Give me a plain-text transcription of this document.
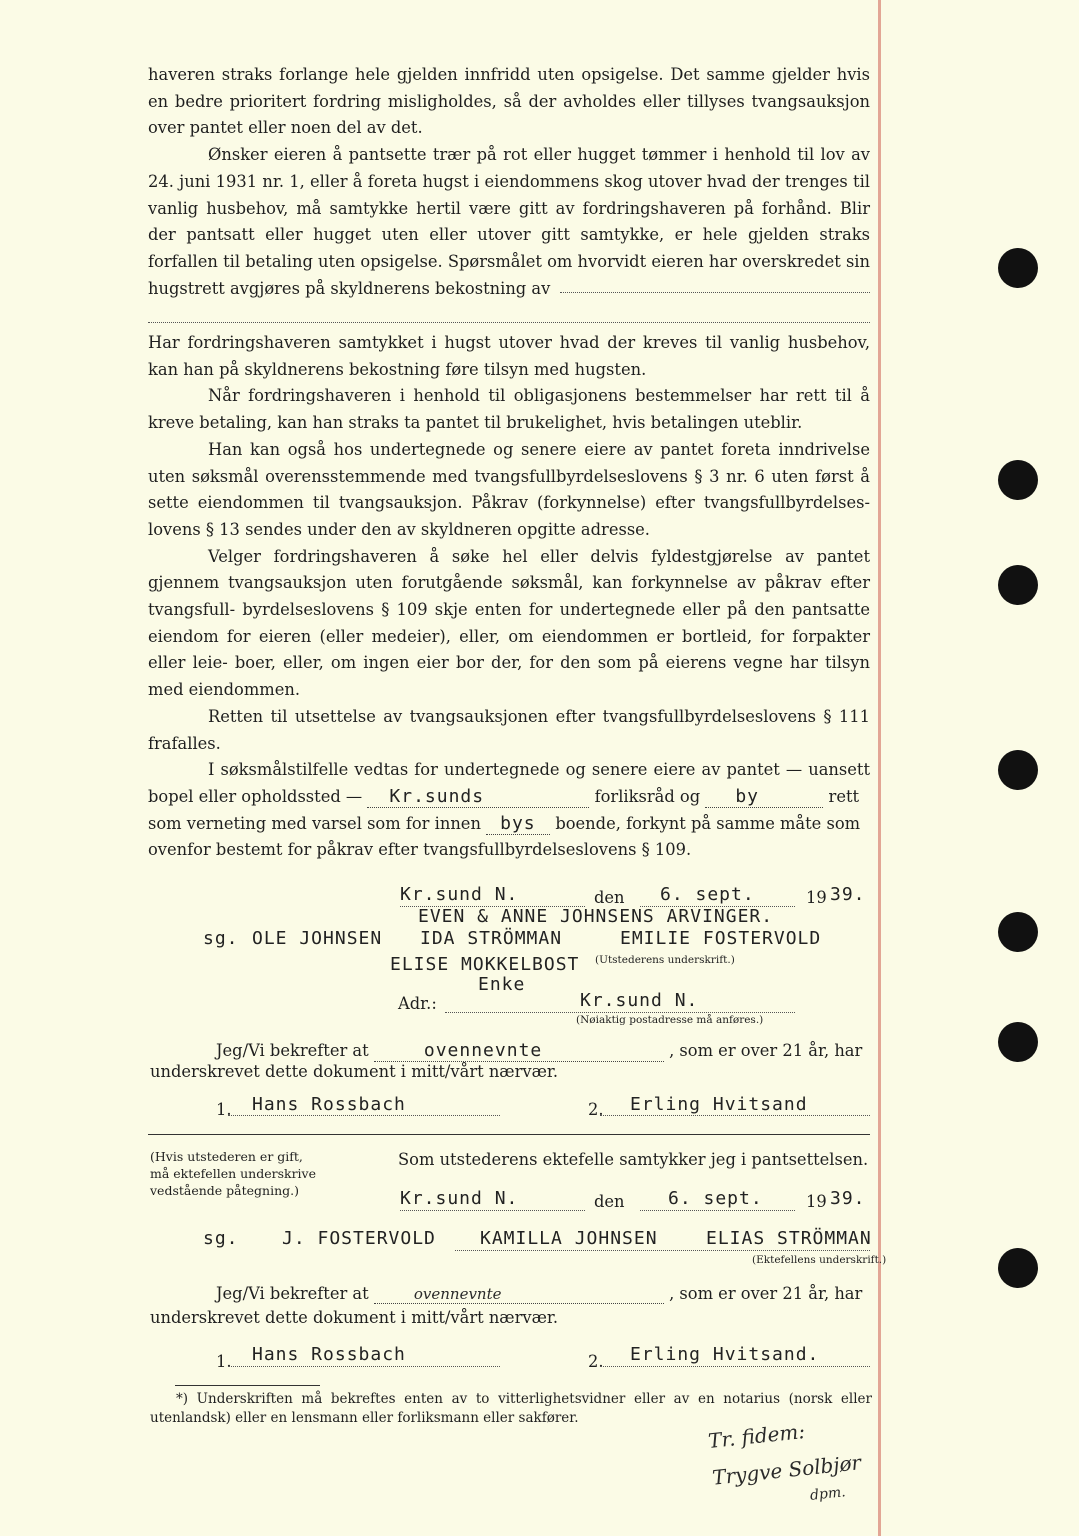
haveren straks forlange hele gjelden innfridd uten opsigelse. Det samme gjelder hvis en bedre prioritert fordring misligholdes, så der avholdes eller tillyses tvangsauksjon over pantet eller noen del av det.

Ønsker eieren å pantsette trær på rot eller hugget tømmer i henhold til lov av 24. juni 1931 nr. 1, eller å foreta hugst i eiendommens skog utover hvad der trenges til vanlig husbehov, må samtykke hertil være gitt av fordringshaveren på forhånd. Blir der pantsatt eller hugget uten eller utover gitt samtykke, er hele gjelden straks forfallen til betaling uten opsigelse. Spørsmålet om hvorvidt eieren har overskredet sin hugstrett avgjøres på skyldnerens bekostning av

Har fordringshaveren samtykket i hugst utover hvad der kreves til vanlig husbehov, kan han på skyldnerens bekostning føre tilsyn med hugsten.

Når fordringshaveren i henhold til obligasjonens bestemmelser har rett til å kreve betaling, kan han straks ta pantet til brukelighet, hvis betalingen uteblir.

Han kan også hos undertegnede og senere eiere av pantet foreta inndrivelse uten søksmål overensstemmende med tvangsfullbyrdelseslovens § 3 nr. 6 uten først å sette eiendommen til tvangsauksjon. Påkrav (forkynnelse) efter tvangsfullbyrdelses- lovens § 13 sendes under den av skyldneren opgitte adresse.

Velger fordringshaveren å søke hel eller delvis fyldestgjørelse av pantet gjennem tvangsauksjon uten forutgående søksmål, kan forkynnelse av påkrav efter tvangsfull- byrdelseslovens § 109 skje enten for undertegnede eller på den pantsatte eiendom for eieren (eller medeier), eller, om eiendommen er bortleid, for forpakter eller leie- boer, eller, om ingen eier bor der, for den som på eierens vegne har tilsyn med eiendommen.

Retten til utsettelse av tvangsauksjonen efter tvangsfullbyrdelseslovens § 111 frafalles.

I søksmålstilfelle vedtas for undertegnede og senere eiere av pantet — uansett

bopel eller opholdssted — Kr.sunds	forliksråd og by	rett
som verneting med varsel som for innen bys boende, forkynt på samme måte som
ovenfor bestemt for påkrav efter tvangsfullbyrdelseslovens § 109.
Kr.sund N.	den 6. sept.	19 39.
EVEN & ANNE JOHNSENS ARVINGER.
sg. OLE JOHNSEN IDA STRÖMMAN	EMILIE FOSTERVOLD
ELISE MOKKELBOST (Utstederens underskrift.)
Enke
Adr.:	Kr.sund N.
(Nøiaktig postadresse må anføres.)
Jeg/Vi bekrefter at	ovennevnte	, som er over 21 år, har
underskrevet dette dokument i mitt/vårt nærvær.
1. Hans Rossbach	2. Erling Hvitsand
(Hvis utstederen er gift,
må ektefellen underskrive
vedstående påtegning.)
Som utstederens ektefelle samtykker jeg i pantsettelsen.
Kr.sund N.	den 6. sept.	19 39.
sg. J. FOSTERVOLD KAMILLA JOHNSEN	ELIAS STRÖMMAN
(Ektefellens underskrift.)
Jeg/Vi bekrefter at	ovennevnte	, som er over 21 år, har
underskrevet dette dokument i mitt/vårt nærvær.
1. Hans Rossbach	2. Erling Hvitsand.
*) Underskriften må bekreftes enten av to vitterlighetsvidner eller av en notarius (norsk eller utenlandsk) eller en lensmann eller forliksmann eller sakfører.
Tr. fidem:
Trygve Solbjør
dpm.
